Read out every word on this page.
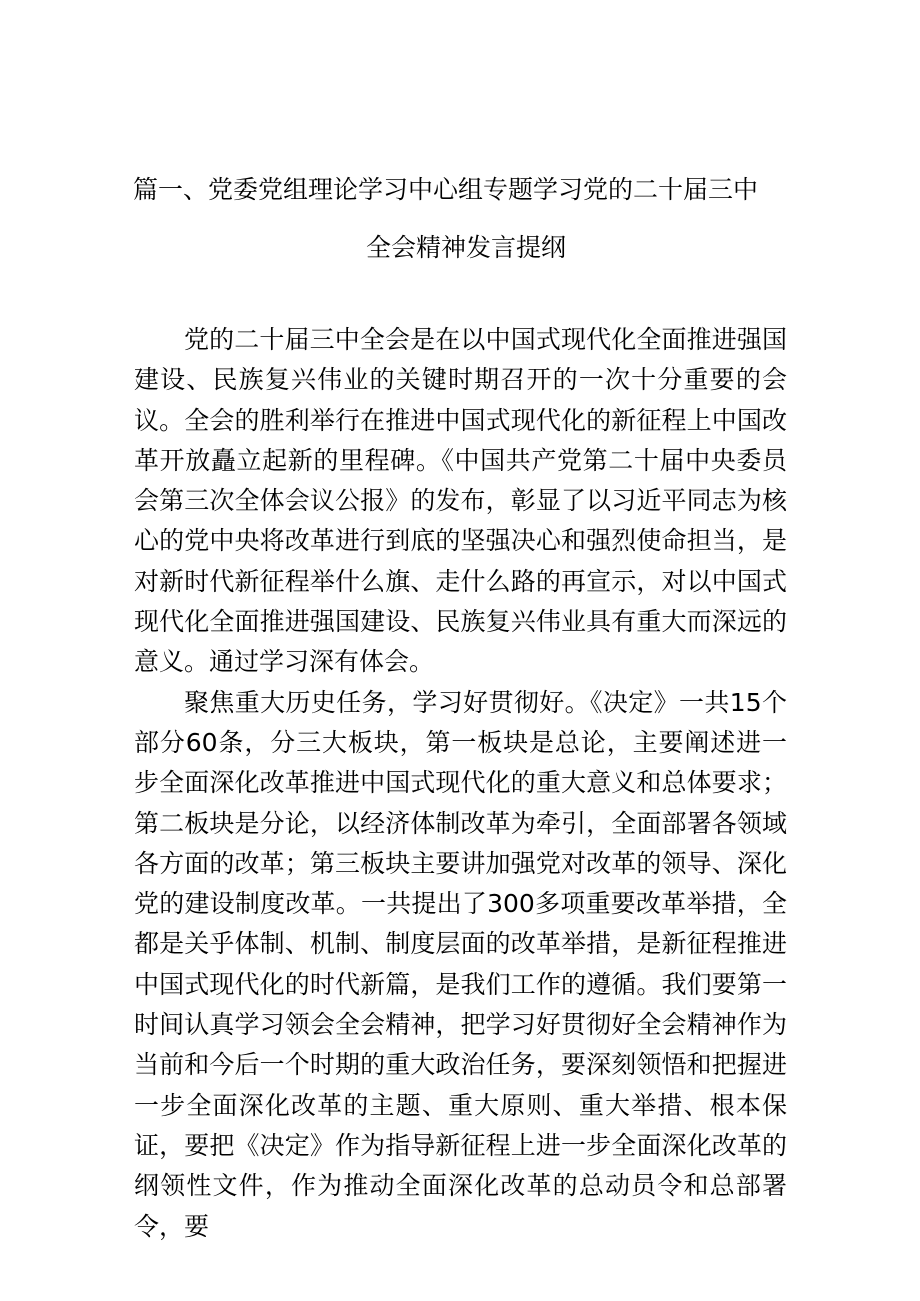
篇一、党委党组理论学习中心组专题学习党的二十届三中
全会精神发言提纲

党的二十届三中全会是在以中国式现代化全面推进强国建设、民族复兴伟业的关键时期召开的一次十分重要的会议。全会的胜利举行在推进中国式现代化的新征程上中国改革开放矗立起新的里程碑。《中国共产党第二十届中央委员会第三次全体会议公报》的发布，彰显了以习近平同志为核心的党中央将改革进行到底的坚强决心和强烈使命担当，是对新时代新征程举什么旗、走什么路的再宣示，对以中国式现代化全面推进强国建设、民族复兴伟业具有重大而深远的意义。通过学习深有体会。

聚焦重大历史任务，学习好贯彻好。《决定》一共15个部分60条，分三大板块，第一板块是总论，主要阐述进一步全面深化改革推进中国式现代化的重大意义和总体要求；第二板块是分论，以经济体制改革为牵引，全面部署各领域各方面的改革；第三板块主要讲加强党对改革的领导、深化党的建设制度改革。一共提出了300多项重要改革举措，全都是关乎体制、机制、制度层面的改革举措，是新征程推进中国式现代化的时代新篇，是我们工作的遵循。我们要第一时间认真学习领会全会精神，把学习好贯彻好全会精神作为当前和今后一个时期的重大政治任务，要深刻领悟和把握进一步全面深化改革的主题、重大原则、重大举措、根本保证，要把《决定》作为指导新征程上进一步全面深化改革的纲领性文件，作为推动全面深化改革的总动员令和总部署令，要
